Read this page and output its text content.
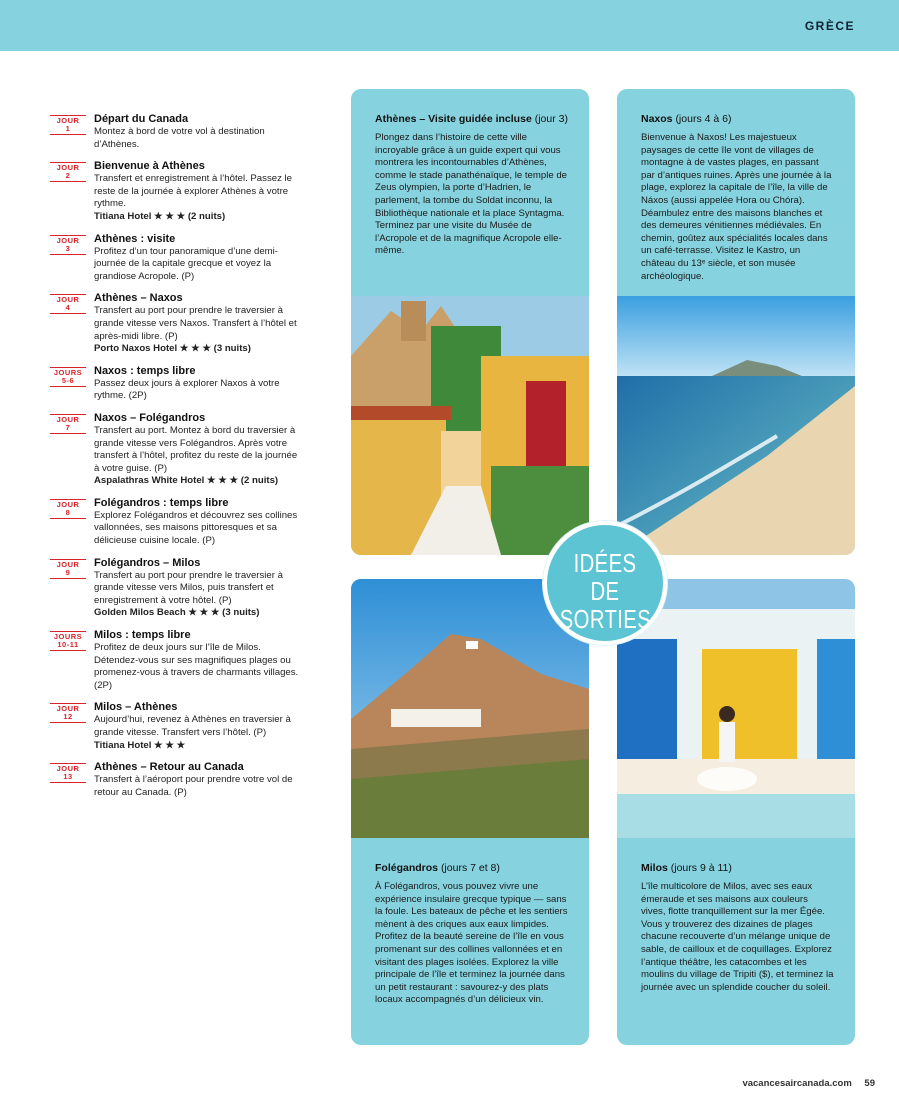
GRÈCE
JOUR
1
Départ du Canada
Montez à bord de votre vol à destination d’Athènes.
JOUR
2
Bienvenue à Athènes
Transfert et enregistrement à l’hôtel. Passez le reste de la journée à explorer Athènes à votre rythme.
Titiana Hotel ★ ★ ★ (2 nuits)
JOUR
3
Athènes : visite
Profitez d’un tour panoramique d’une demi-journée de la capitale grecque et voyez la grandiose Acropole. (P)
JOUR
4
Athènes – Naxos
Transfert au port pour prendre le traversier à grande vitesse vers Naxos. Transfert à l’hôtel et après-midi libre. (P)
Porto Naxos Hotel ★ ★ ★ (3 nuits)
JOURS
5-6
Naxos : temps libre
Passez deux jours à explorer Naxos à votre rythme. (2P)
JOUR
7
Naxos – Folégandros
Transfert au port. Montez à bord du traversier à grande vitesse vers Folégandros. Après votre transfert à l’hôtel, profitez du reste de la journée à votre guise. (P)
Aspalathras White Hotel ★ ★ ★ (2 nuits)
JOUR
8
Folégandros : temps libre
Explorez Folégandros et découvrez ses collines vallonnées, ses maisons pittoresques et sa délicieuse cuisine locale. (P)
JOUR
9
Folégandros – Milos
Transfert au port pour prendre le traversier à grande vitesse vers Milos, puis transfert et enregistrement à votre hôtel. (P)
Golden Milos Beach ★ ★ ★ (3 nuits)
JOURS
10-11
Milos : temps libre
Profitez de deux jours sur l’île de Milos. Détendez-vous sur ses magnifiques plages ou promenez-vous à travers de charmants villages. (2P)
JOUR
12
Milos – Athènes
Aujourd’hui, revenez à Athènes en traversier à grande vitesse. Transfert vers l’hôtel. (P)
Titiana Hotel ★ ★ ★
JOUR
13
Athènes – Retour au Canada
Transfert à l’aéroport pour prendre votre vol de retour au Canada. (P)
Athènes – Visite guidée incluse (jour 3)
Plongez dans l’histoire de cette ville incroyable grâce à un guide expert qui vous montrera les incontournables d’Athènes, comme le stade panathénaïque, le temple de Zeus olympien, la porte d’Hadrien, le parlement, la tombe du Soldat inconnu, la Bibliothèque nationale et la place Syntagma. Terminez par une visite du Musée de l’Acropole et de la magnifique Acropole elle-même.
Naxos (jours 4 à 6)
Bienvenue à Naxos! Les majestueux paysages de cette île vont de villages de montagne à de vastes plages, en passant par d’antiques ruines. Après une journée à la plage, explorez la capitale de l’île, la ville de Náxos (aussi appelée Hora ou Chóra). Déambulez entre des maisons blanches et des demeures vénitiennes médiévales. En chemin, goûtez aux spécialités locales dans un café-terrasse. Visitez le Kastro, un château du 13ᵉ siècle, et son musée archéologique.
Folégandros (jours 7 et 8)
À Folégandros, vous pouvez vivre une expérience insulaire grecque typique — sans la foule. Les bateaux de pêche et les sentiers mènent à des criques aux eaux limpides. Profitez de la beauté sereine de l’île en vous promenant sur des collines vallonnées et en visitant des plages isolées. Explorez la ville principale de l’île et terminez la journée dans un petit restaurant : savourez-y des plats locaux accompagnés d’un délicieux vin.
Milos (jours 9 à 11)
L’île multicolore de Milos, avec ses eaux émeraude et ses maisons aux couleurs vives, flotte tranquillement sur la mer Égée. Vous y trouverez des dizaines de plages chacune recouverte d’un mélange unique de sable, de cailloux et de coquillages. Explorez l’antique théâtre, les catacombes et les moulins du village de Tripiti ($), et terminez la journée avec un splendide coucher du soleil.
IDÉES DE
SORTIES
vacancesaircanada.com 59
